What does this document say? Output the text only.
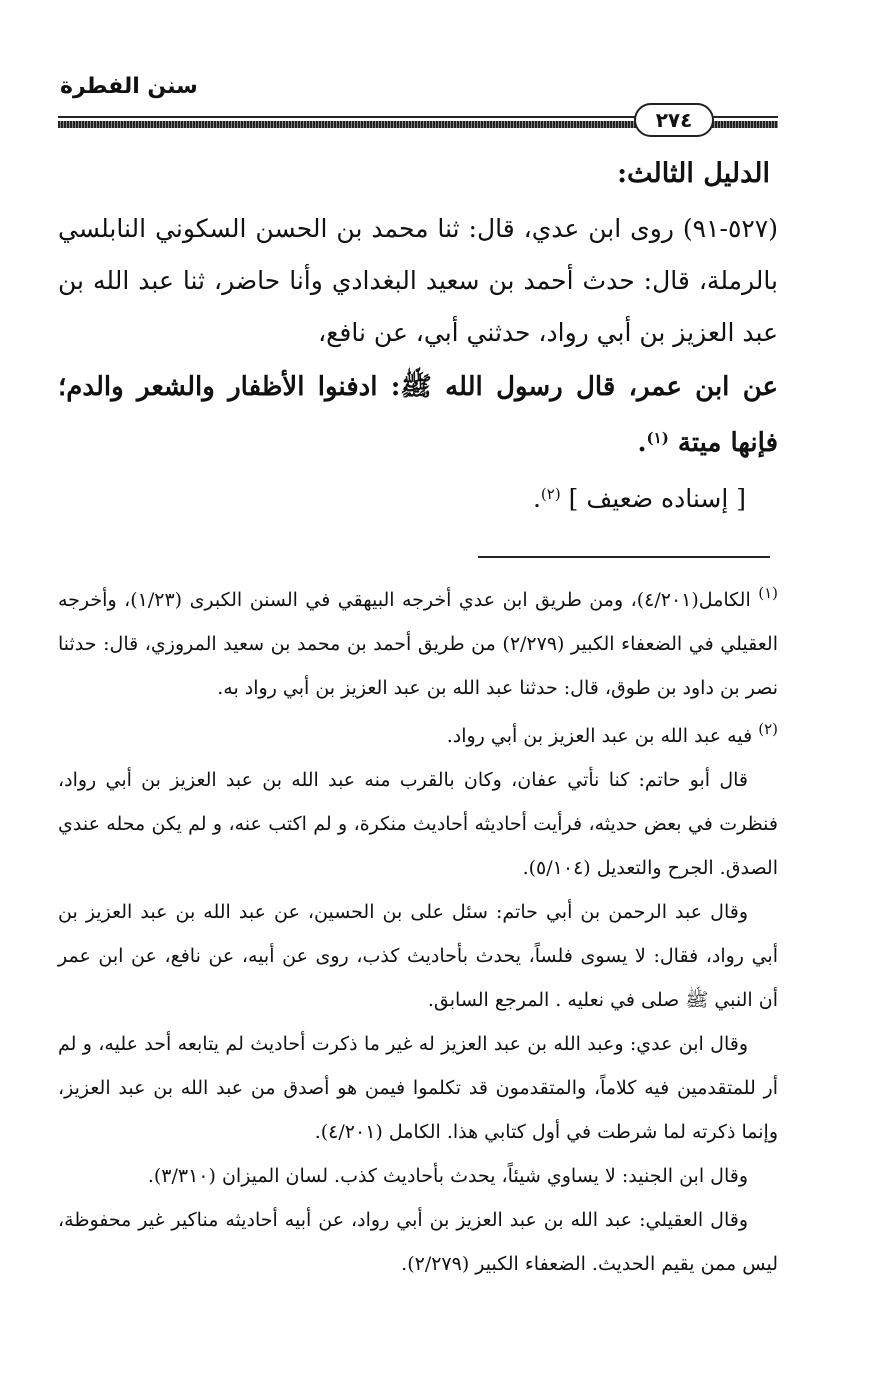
سنن الفطرة
٢٧٤
الدليل الثالث:

(٥٢٧-٩١) روى ابن عدي، قال: ثنا محمد بن الحسن السكوني النابلسي بالرملة، قال: حدث أحمد بن سعيد البغدادي وأنا حاضر، ثنا عبد الله بن عبد العزيز بن أبي رواد، حدثني أبي، عن نافع،

عن ابن عمر، قال رسول الله ﷺ: ادفنوا الأظفار والشعر والدم؛ فإنها ميتة $^{(١)}$.

[ إسناده ضعيف ] $^{(٢)}$.

$^{(١)}$ الكامل(٤/٢٠١)، ومن طريق ابن عدي أخرجه البيهقي في السنن الكبرى (١/٢٣)، وأخرجه العقيلي في الضعفاء الكبير (٢/٢٧٩) من طريق أحمد بن محمد بن سعيد المروزي، قال: حدثنا نصر بن داود بن طوق، قال: حدثنا عبد الله بن عبد العزيز بن أبي رواد به.

$^{(٢)}$ فيه عبد الله بن عبد العزيز بن أبي رواد.

قال أبو حاتم: كنا نأتي عفان، وكان بالقرب منه عبد الله بن عبد العزيز بن أبي رواد، فنظرت في بعض حديثه، فرأيت أحاديثه أحاديث منكرة، و لم اكتب عنه، و لم يكن محله عندي الصدق. الجرح والتعديل (٥/١٠٤).

وقال عبد الرحمن بن أبي حاتم: سئل على بن الحسين، عن عبد الله بن عبد العزيز بن أبي رواد، فقال: لا يسوى فلساً، يحدث بأحاديث كذب، روى عن أبيه، عن نافع، عن ابن عمر أن النبي ﷺ صلى في نعليه . المرجع السابق.

وقال ابن عدي: وعبد الله بن عبد العزيز له غير ما ذكرت أحاديث لم يتابعه أحد عليه، و لم أر للمتقدمين فيه كلاماً، والمتقدمون قد تكلموا فيمن هو أصدق من عبد الله بن عبد العزيز، وإنما ذكرته لما شرطت في أول كتابي هذا. الكامل (٤/٢٠١).

وقال ابن الجنيد: لا يساوي شيئاً، يحدث بأحاديث كذب. لسان الميزان (٣/٣١٠).

وقال العقيلي: عبد الله بن عبد العزيز بن أبي رواد، عن أبيه أحاديثه مناكير غير محفوظة، ليس ممن يقيم الحديث. الضعفاء الكبير (٢/٢٧٩).
